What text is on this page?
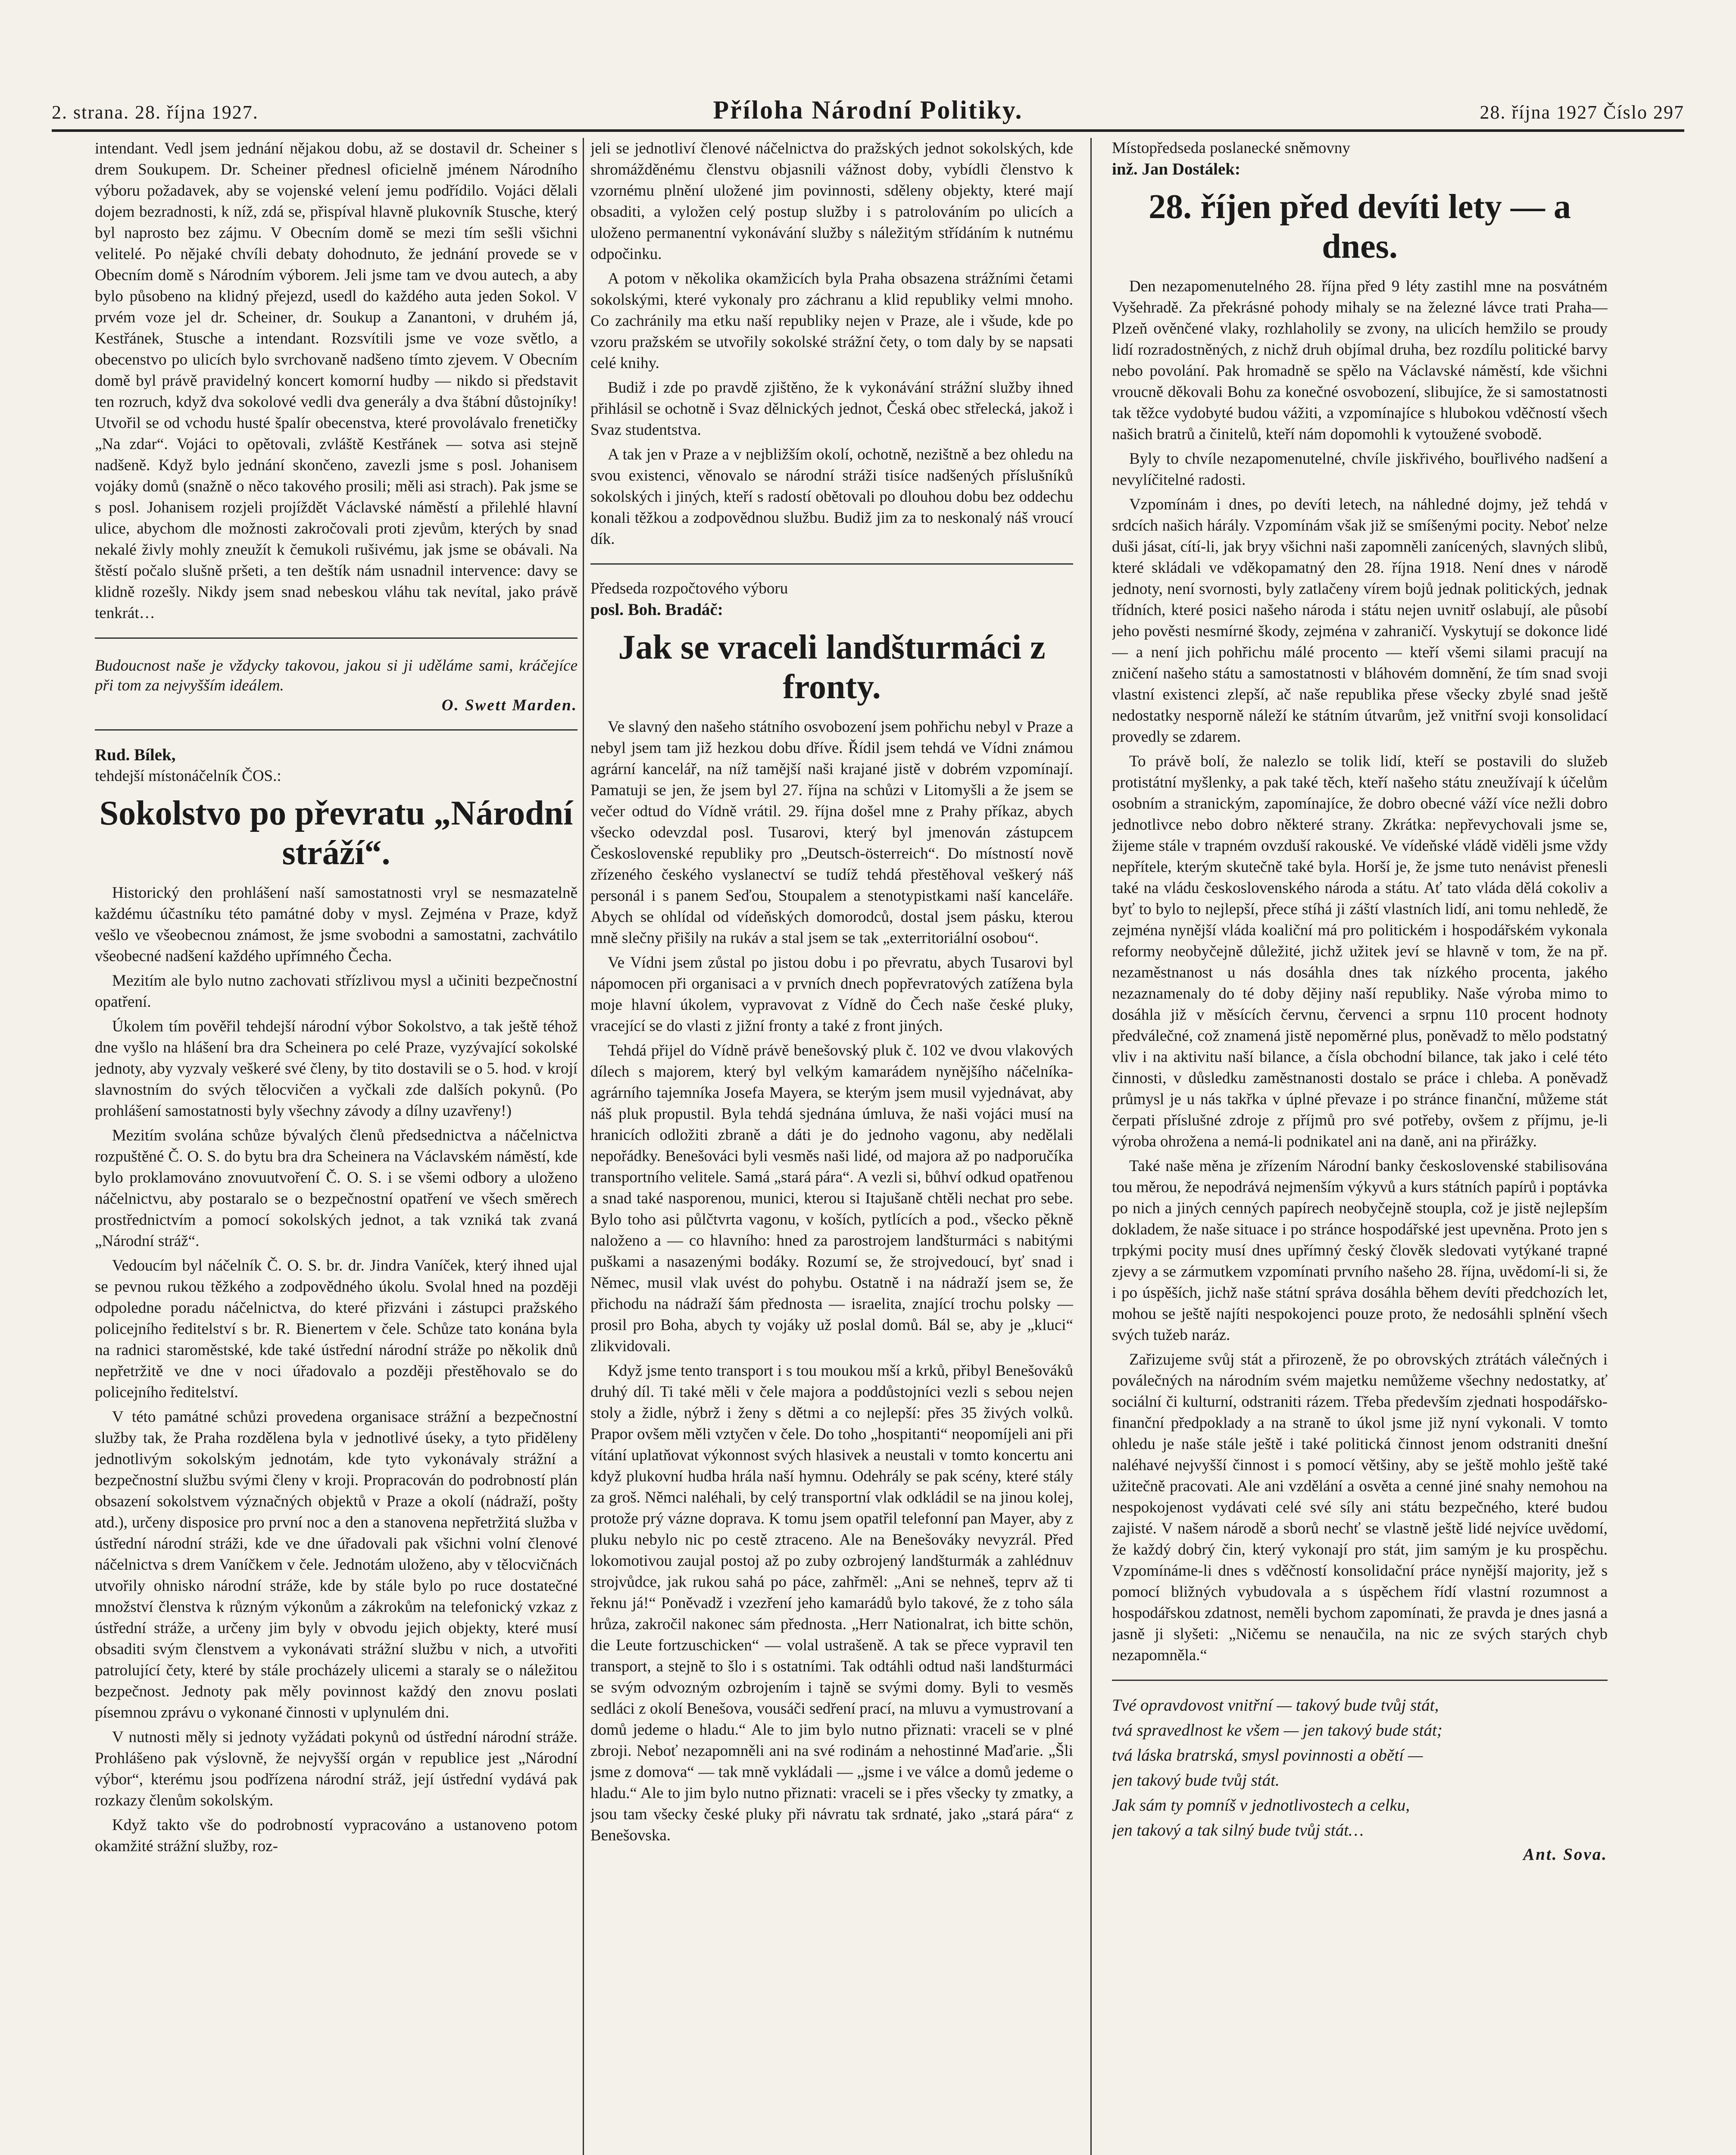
2. strana. 28. října 1927.	Příloha Národní Politiky.	28. října 1927 Číslo 297

intendant. Vedl jsem jednání nějakou dobu, až se dostavil dr. Scheiner s drem Soukupem. Dr. Scheiner přednesl oficielně jménem Národního výboru požadavek, aby se vojenské velení jemu podřídilo. Vojáci dělali dojem bezradnosti, k níž, zdá se, přispíval hlavně plukovník Stusche, který byl naprosto bez zájmu. V Obecním domě se mezi tím sešli všichni velitelé. Po nějaké chvíli debaty dohodnuto, že jednání provede se v Obecním domě s Národním výborem. Jeli jsme tam ve dvou autech, a aby bylo působeno na klidný přejezd, usedl do každého auta jeden Sokol. V prvém voze jel dr. Scheiner, dr. Soukup a Zanantoni, v druhém já, Kestřánek, Stusche a intendant. Rozsvítili jsme ve voze světlo, a obecenstvo po ulicích bylo svrchovaně nadšeno tímto zjevem. V Obecním domě byl právě pravidelný koncert komorní hudby — nikdo si představit ten rozruch, když dva sokolové vedli dva generály a dva štábní důstojníky! Utvořil se od vchodu husté špalír obecenstva, které provolávalo frenetičky „Na zdar“. Vojáci to opětovali, zvláště Kestřánek — sotva asi stejně nadšeně. Když bylo jednání skončeno, zavezli jsme s posl. Johanisem vojáky domů (snažně o něco takového prosili; měli asi strach). Pak jsme se s posl. Johanisem rozjeli projíždět Václavské náměstí a přilehlé hlavní ulice, abychom dle možnosti zakročovali proti zjevům, kterých by snad nekalé živly mohly zneužít k čemukoli rušivému, jak jsme se obávali. Na štěstí počalo slušně pršeti, a ten deštík nám usnadnil intervence: davy se klidně rozešly. Nikdy jsem snad nebeskou vláhu tak nevítal, jako právě tenkrát…

Budoucnost naše je vždycky takovou, jakou si ji uděláme sami, kráčejíce při tom za nejvyšším ideálem.
O. Swett Marden.
Rud. Bílek,
tehdejší místonáčelník ČOS.:
Sokolstvo po převratu „Národní stráží“.

Historický den prohlášení naší samostatnosti vryl se nesmazatelně každému účastníku této památné doby v mysl. Zejména v Praze, když vešlo ve všeobecnou známost, že jsme svobodni a samostatni, zachvátilo všeobecné nadšení každého upřímného Čecha.

Mezitím ale bylo nutno zachovati střízlivou mysl a učiniti bezpečnostní opatření.

Úkolem tím pověřil tehdejší národní výbor Sokolstvo, a tak ještě téhož dne vyšlo na hlášení bra dra Scheinera po celé Praze, vyzývající sokolské jednoty, aby vyzvaly veškeré své členy, by tito dostavili se o 5. hod. v krojí slavnostním do svých tělocvičen a vyčkali zde dalších pokynů. (Po prohlášení samostatnosti byly všechny závody a dílny uzavřeny!)

Mezitím svolána schůze bývalých členů předsednictva a náčelnictva rozpuštěné Č. O. S. do bytu bra dra Scheinera na Václavském náměstí, kde bylo proklamováno znovuutvoření Č. O. S. i se všemi odbory a uloženo náčelnictvu, aby postaralo se o bezpečnostní opatření ve všech směrech prostřednictvím a pomocí sokolských jednot, a tak vzniká tak zvaná „Národní stráž“.

Vedoucím byl náčelník Č. O. S. br. dr. Jindra Vaníček, který ihned ujal se pevnou rukou těžkého a zodpovědného úkolu. Svolal hned na později odpoledne poradu náčelnictva, do které přizváni i zástupci pražského policejního ředitelství s br. R. Bienertem v čele. Schůze tato konána byla na radnici staroměstské, kde také ústřední národní stráže po několik dnů nepřetržitě ve dne v noci úřadovalo a později přestěhovalo se do policejního ředitelství.

V této památné schůzi provedena organisace strážní a bezpečnostní služby tak, že Praha rozdělena byla v jednotlivé úseky, a tyto přiděleny jednotlivým sokolským jednotám, kde tyto vykonávaly strážní a bezpečnostní službu svými členy v kroji. Propracován do podrobností plán obsazení sokolstvem význačných objektů v Praze a okolí (nádraží, pošty atd.), určeny disposice pro první noc a den a stanovena nepřetržitá služba v ústřední národní stráži, kde ve dne úřadovali pak všichni volní členové náčelnictva s drem Vaníčkem v čele. Jednotám uloženo, aby v tělocvičnách utvořily ohnisko národní stráže, kde by stále bylo po ruce dostatečné množství členstva k různým výkonům a zákrokům na telefonický vzkaz z ústřední stráže, a určeny jim byly v obvodu jejich objekty, které musí obsaditi svým členstvem a vykonávati strážní službu v nich, a utvořiti patrolující čety, které by stále procházely ulicemi a staraly se o náležitou bezpečnost. Jednoty pak měly povinnost každý den znovu poslati písemnou zprávu o vykonané činnosti v uplynulém dni.

V nutnosti měly si jednoty vyžádati pokynů od ústřední národní stráže. Prohlášeno pak výslovně, že nejvyšší orgán v republice jest „Národní výbor“, kterému jsou podřízena národní stráž, její ústřední vydává pak rozkazy členům sokolským.

Když takto vše do podrobností vypracováno a ustanoveno potom okamžité strážní služby, roz-

jeli se jednotliví členové náčelnictva do pražských jednot sokolských, kde shromážděnému členstvu objasnili vážnost doby, vybídli členstvo k vzornému plnění uložené jim povinnosti, sděleny objekty, které mají obsaditi, a vyložen celý postup služby i s patrolováním po ulicích a uloženo permanentní vykonávání služby s náležitým střídáním k nutnému odpočinku.

A potom v několika okamžicích byla Praha obsazena strážními četami sokolskými, které vykonaly pro záchranu a klid republiky velmi mnoho. Co zachránily ma etku naší republiky nejen v Praze, ale i všude, kde po vzoru pražském se utvořily sokolské strážní čety, o tom daly by se napsati celé knihy.

Budiž i zde po pravdě zjištěno, že k vykonávání strážní služby ihned přihlásil se ochotně i Svaz dělnických jednot, Česká obec střelecká, jakož i Svaz studentstva.

A tak jen v Praze a v nejbližším okolí, ochotně, nezištně a bez ohledu na svou existenci, věnovalo se národní stráži tisíce nadšených příslušníků sokolských i jiných, kteří s radostí obětovali po dlouhou dobu bez oddechu konali těžkou a zodpovědnou službu. Budiž jim za to neskonalý náš vroucí dík.

Předseda rozpočtového výboru
posl. Boh. Bradáč:
Jak se vraceli landšturmáci z fronty.

Ve slavný den našeho státního osvobození jsem pohřichu nebyl v Praze a nebyl jsem tam již hezkou dobu dříve. Řídil jsem tehdá ve Vídni známou agrární kancelář, na níž tamější naši krajané jistě v dobrém vzpomínají. Pamatuji se jen, že jsem byl 27. října na schůzi v Litomyšli a že jsem se večer odtud do Vídně vrátil. 29. října došel mne z Prahy příkaz, abych všecko odevzdal posl. Tusarovi, který byl jmenován zástupcem Československé republiky pro „Deutsch-österreich“. Do místností nově zřízeného českého vyslanectví se tudíž tehdá přestěhoval veškerý náš personál i s panem Seďou, Stoupalem a stenotypistkami naší kanceláře. Abych se ohlídal od vídeňských domorodců, dostal jsem pásku, kterou mně slečny přišily na rukáv a stal jsem se tak „exterritoriální osobou“.

Ve Vídni jsem zůstal po jistou dobu i po převratu, abych Tusarovi byl nápomocen při organisaci a v prvních dnech popřevratových zatížena byla moje hlavní úkolem, vypravovat z Vídně do Čech naše české pluky, vracející se do vlasti z jižní fronty a také z front jiných.

Tehdá přijel do Vídně právě benešovský pluk č. 102 ve dvou vlakových dílech s majorem, který byl velkým kamarádem nynějšího náčelníka-agrárního tajemníka Josefa Mayera, se kterým jsem musil vyjednávat, aby náš pluk propustil. Byla tehdá sjednána úmluva, že naši vojáci musí na hranicích odložiti zbraně a dáti je do jednoho vagonu, aby nedělali nepořádky. Benešováci byli vesměs naši lidé, od majora až po nadporučíka transportního velitele. Samá „stará pára“. A vezli si, bůhví odkud opatřenou a snad také nasporenou, munici, kterou si Itajušaně chtěli nechat pro sebe. Bylo toho asi půlčtvrta vagonu, v koších, pytlících a pod., všecko pěkně naloženo a — co hlavního: hned za parostrojem landšturmáci s nabitými puškami a nasazenými bodáky. Rozumí se, že strojvedoucí, byť snad i Němec, musil vlak uvést do pohybu. Ostatně i na nádraží jsem se, že přichodu na nádraží šám přednosta — israelita, znající trochu polsky — prosil pro Boha, abych ty vojáky už poslal domů. Bál se, aby je „kluci“ zlikvidovali.

Když jsme tento transport i s tou moukou mší a krků, přibyl Benešováků druhý díl. Ti také měli v čele majora a poddůstojníci vezli s sebou nejen stoly a židle, nýbrž i ženy s dětmi a co nejlepší: přes 35 živých volků. Prapor ovšem měli vztyčen v čele. Do toho „hospitanti“ neopomíjeli ani při vítání uplatňovat výkonnost svých hlasivek a neustali v tomto koncertu ani když plukovní hudba hrála naší hymnu. Odehrály se pak scény, které stály za groš. Němci naléhali, by celý transportní vlak odkládil se na jinou kolej, protože prý vázne doprava. K tomu jsem opatřil telefonní pan Mayer, aby z pluku nebylo nic po cestě ztraceno. Ale na Benešováky nevyzrál. Před lokomotivou zaujal postoj až po zuby ozbrojený landšturmák a zahlédnuv strojvůdce, jak rukou sahá po páce, zahřměl: „Ani se nehneš, teprv až ti řeknu já!“ Poněvadž i vzezření jeho kamarádů bylo takové, že z toho sála hrůza, zakročil nakonec sám přednosta. „Herr Nationalrat, ich bitte schön, die Leute fortzuschicken“ — volal ustrašeně. A tak se přece vypravil ten transport, a stejně to šlo i s ostatními. Tak odtáhli odtud naši landšturmáci se svým odvozným ozbrojením i tajně se svými domy. Byli to vesměs sedláci z okolí Benešova, vousáči sedření prací, na mluvu a vymustrovaní a domů jedeme o hladu.“ Ale to jim bylo nutno přiznati: vraceli se v plné zbroji. Neboť nezapomněli ani na své rodinám a nehostinné Maďarie. „Šli jsme z domova“ — tak mně vykládali — „jsme i ve válce a domů jedeme o hladu.“ Ale to jim bylo nutno přiznati: vraceli se i přes všecky ty zmatky, a jsou tam všecky české pluky při návratu tak srdnaté, jako „stará pára“ z Benešovska.

Místopředseda poslanecké sněmovny
inž. Jan Dostálek:
28. říjen před devíti lety — a dnes.

Den nezapomenutelného 28. října před 9 léty zastihl mne na posvátném Vyšehradě. Za překrásné pohody mihaly se na železné lávce trati Praha—Plzeň ověnčené vlaky, rozhlaholily se zvony, na ulicích hemžilo se proudy lidí rozradostněných, z nichž druh objímal druha, bez rozdílu politické barvy nebo povolání. Pak hromadně se spělo na Václavské náměstí, kde všichni vroucně děkovali Bohu za konečné osvobození, slibujíce, že si samostatnosti tak těžce vydobyté budou vážiti, a vzpomínajíce s hlubokou vděčností všech našich bratrů a činitelů, kteří nám dopomohli k vytoužené svobodě.

Byly to chvíle nezapomenutelné, chvíle jiskřivého, bouřlivého nadšení a nevylíčitelné radosti.

Vzpomínám i dnes, po devíti letech, na náhledné dojmy, jež tehdá v srdcích našich hárály. Vzpomínám však již se smíšenými pocity. Neboť nelze duši jásat, cítí-li, jak bryy všichni naši zapomněli zanícených, slavných slibů, které skládali ve vděkopamatný den 28. října 1918. Není dnes v národě jednoty, není svornosti, byly zatlačeny vírem bojů jednak politických, jednak třídních, které posici našeho národa i státu nejen uvnitř oslabují, ale působí jeho pověsti nesmírné škody, zejména v zahraničí. Vyskytují se dokonce lidé — a není jich pohřichu málé procento — kteří všemi silami pracují na zničení našeho státu a samostatnosti v bláhovém domnění, že tím snad svoji vlastní existenci zlepší, ač naše republika přese všecky zbylé snad ještě nedostatky nesporně náleží ke státním útvarům, jež vnitřní svoji konsolidací provedly se zdarem.

To právě bolí, že nalezlo se tolik lidí, kteří se postavili do služeb protistátní myšlenky, a pak také těch, kteří našeho státu zneužívají k účelům osobním a stranickým, zapomínajíce, že dobro obecné váží více nežli dobro jednotlivce nebo dobro některé strany. Zkrátka: nepřevychovali jsme se, žijeme stále v trapném ovzduší rakouské. Ve vídeňské vládě viděli jsme vždy nepřítele, kterým skutečně také byla. Horší je, že jsme tuto nenávist přenesli také na vládu československého národa a státu. Ať tato vláda dělá cokoliv a byť to bylo to nejlepší, přece stíhá ji záští vlastních lidí, ani tomu nehledě, že zejména nynější vláda koaliční má pro politickém i hospodářském vykonala reformy neobyčejně důležité, jichž užitek jeví se hlavně v tom, že na př. nezaměstnanost u nás dosáhla dnes tak nízkého procenta, jakého nezaznamenaly do té doby dějiny naší republiky. Naše výroba mimo to dosáhla již v měsících červnu, červenci a srpnu 110 procent hodnoty předválečné, což znamená jistě nepoměrné plus, poněvadž to mělo podstatný vliv i na aktivitu naší bilance, a čísla obchodní bilance, tak jako i celé této činnosti, v důsledku zaměstnanosti dostalo se práce i chleba. A poněvadž průmysl je u nás takřka v úplné převaze i po stránce finanční, můžeme stát čerpati příslušné zdroje z příjmů pro své potřeby, ovšem z příjmu, je-li výroba ohrožena a nemá-li podnikatel ani na daně, ani na přirážky.

Také naše měna je zřízením Národní banky československé stabilisována tou měrou, že nepodrává nejmenším výkyvů a kurs státních papírů i poptávka po nich a jiných cenných papírech neobyčejně stoupla, což je jistě nejlepším dokladem, že naše situace i po stránce hospodářské jest upevněna. Proto jen s trpkými pocity musí dnes upřímný český člověk sledovati vytýkané trapné zjevy a se zármutkem vzpomínati prvního našeho 28. října, uvědomí-li si, že i po úspěších, jichž naše státní správa dosáhla během devíti předchozích let, mohou se ještě najíti nespokojenci pouze proto, že nedosáhli splnění všech svých tužeb naráz.

Zařizujeme svůj stát a přirozeně, že po obrovských ztrátách válečných i poválečných na národním svém majetku nemůžeme všechny nedostatky, ať sociální či kulturní, odstraniti rázem. Třeba především zjednati hospodářsko-finanční předpoklady a na straně to úkol jsme již nyní vykonali. V tomto ohledu je naše stále ještě i také politická činnost jenom odstraniti dnešní naléhavé nejvyšší činnost i s pomocí většiny, aby se ještě mohlo ještě také užitečně pracovati. Ale ani vzdělání a osvěta a cenné jiné snahy nemohou na nespokojenost vydávati celé své síly ani státu bezpečného, které budou zajisté. V našem národě a sborů nechť se vlastně ještě lidé nejvíce uvědomí, že každý dobrý čin, který vykonají pro stát, jim samým je ku prospěchu. Vzpomínáme-li dnes s vděčností konsolidační práce nynější majority, jež s pomocí bližných vybudovala a s úspěchem řídí vlastní rozumnost a hospodářskou zdatnost, neměli bychom zapomínati, že pravda je dnes jasná a jasně ji slyšeti: „Ničemu se nenaučila, na nic ze svých starých chyb nezapomněla.“

Tvé opravdovost vnitřní — takový bude tvůj stát,

tvá spravedlnost ke všem — jen takový bude stát;

tvá láska bratrská, smysl povinnosti a obětí —

jen takový bude tvůj stát.

Jak sám ty pomníš v jednotlivostech a celku,

jen takový a tak silný bude tvůj stát…

Ant. Sova.
